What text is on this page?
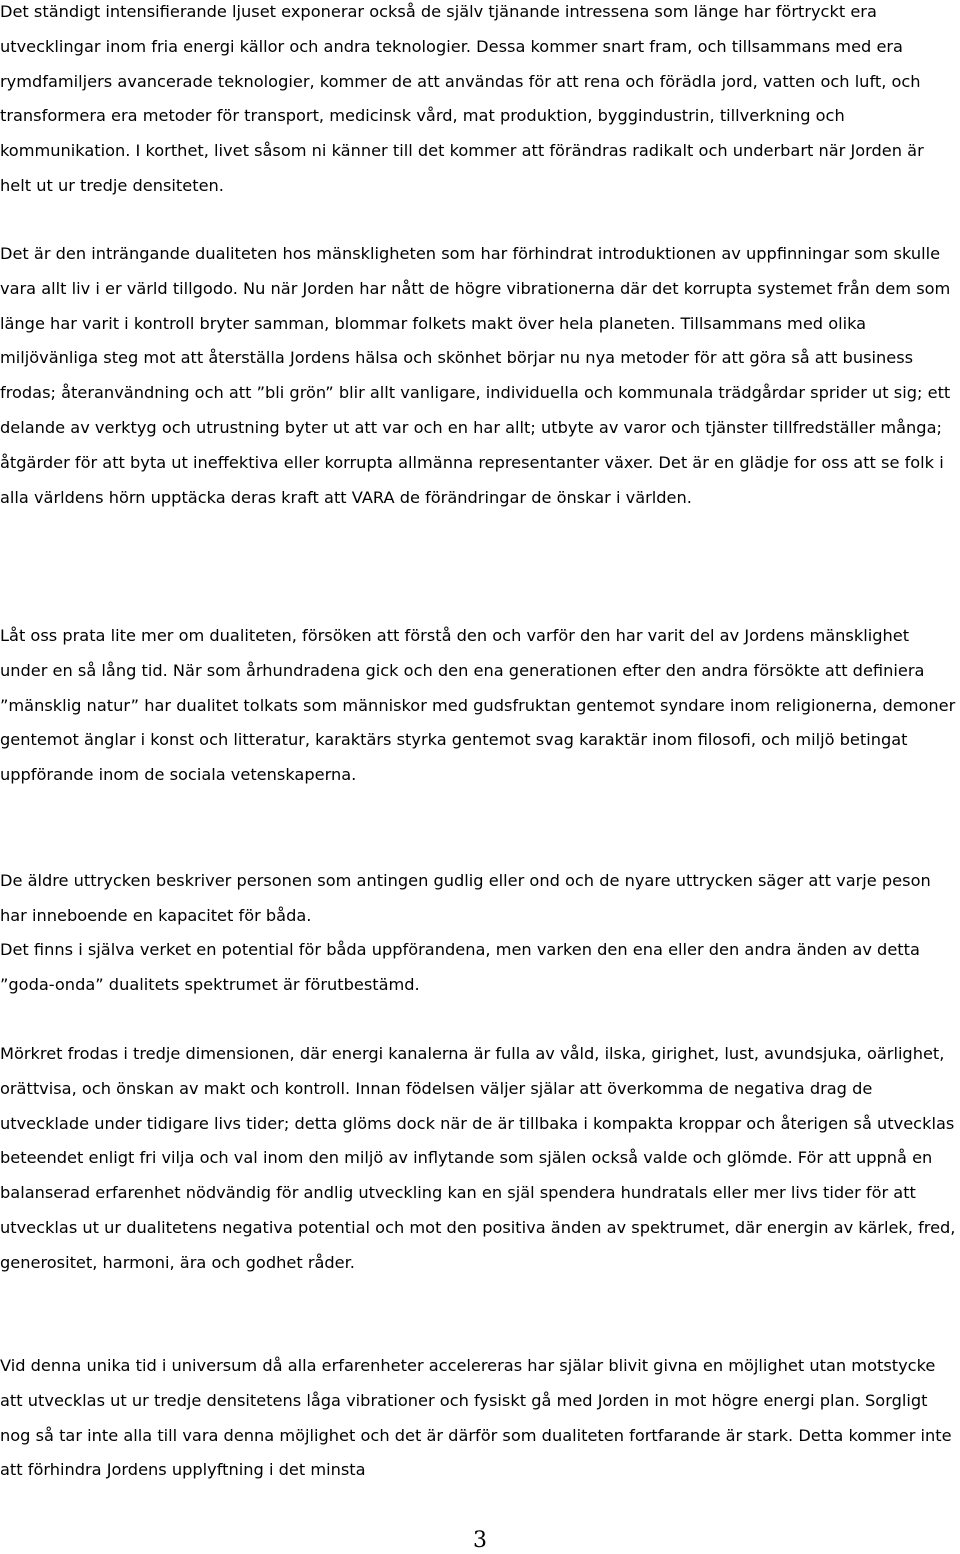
Det ständigt intensifierande ljuset exponerar också de själv tjänande intressena som länge har förtryckt era utvecklingar inom fria energi källor och andra teknologier. Dessa kommer snart fram, och tillsammans med era rymdfamiljers avancerade teknologier, kommer de att användas för att rena och förädla jord, vatten och luft, och transformera era metoder för transport, medicinsk vård, mat produktion, byggindustrin, tillverkning och kommunikation. I korthet, livet såsom ni känner till det kommer att förändras radikalt och underbart när Jorden är helt ut ur tredje densiteten.

Det är den inträngande dualiteten hos mänskligheten som har förhindrat introduktionen av uppfinningar som skulle vara allt liv i er värld tillgodo. Nu när Jorden har nått de högre vibrationerna där det korrupta systemet från dem som länge har varit i kontroll bryter samman, blommar folkets makt över hela planeten. Tillsammans med olika miljövänliga steg mot att återställa Jordens hälsa och skönhet börjar nu nya metoder för att göra så att business frodas; återanvändning och att ”bli grön” blir allt vanligare, individuella och kommunala trädgårdar sprider ut sig; ett delande av verktyg och utrustning byter ut att var och en har allt; utbyte av varor och tjänster tillfredställer många; åtgärder för att byta ut ineffektiva eller korrupta allmänna representanter växer. Det är en glädje for oss att se folk i alla världens hörn upptäcka deras kraft att VARA de förändringar de önskar i världen.

Låt oss prata lite mer om dualiteten, försöken att förstå den och varför den har varit del av Jordens mänsklighet under en så lång tid. När som århundradena gick och den ena generationen efter den andra försökte att definiera ”mänsklig natur” har dualitet tolkats som människor med gudsfruktan gentemot syndare inom religionerna, demoner gentemot änglar i konst och litteratur, karaktärs styrka gentemot svag karaktär inom filosofi, och miljö betingat uppförande inom de sociala vetenskaperna.

De äldre uttrycken beskriver personen som antingen gudlig eller ond och de nyare uttrycken säger att varje peson har inneboende en kapacitet för båda.

Det finns i själva verket en potential för båda uppförandena, men varken den ena eller den andra änden av detta ”goda-onda” dualitets spektrumet är förutbestämd.

Mörkret frodas i tredje dimensionen, där energi kanalerna är fulla av våld, ilska, girighet, lust, avundsjuka, oärlighet, orättvisa, och önskan av makt och kontroll. Innan födelsen väljer själar att överkomma de negativa drag de utvecklade under tidigare livs tider; detta glöms dock när de är tillbaka i kompakta kroppar och återigen så utvecklas beteendet enligt fri vilja och val inom den miljö av inflytande som själen också valde och glömde. För att uppnå en balanserad erfarenhet nödvändig för andlig utveckling kan en själ spendera hundratals eller mer livs tider för att utvecklas ut ur dualitetens negativa potential och mot den positiva änden av spektrumet, där energin av kärlek, fred, generositet, harmoni, ära och godhet råder.

Vid denna unika tid i universum då alla erfarenheter accelereras har själar blivit givna en möjlighet utan motstycke att utvecklas ut ur tredje densitetens låga vibrationer och fysiskt gå med Jorden in mot högre energi plan. Sorgligt nog så tar inte alla till vara denna möjlighet och det är därför som dualiteten fortfarande är stark. Detta kommer inte att förhindra Jordens upplyftning i det minsta

3
